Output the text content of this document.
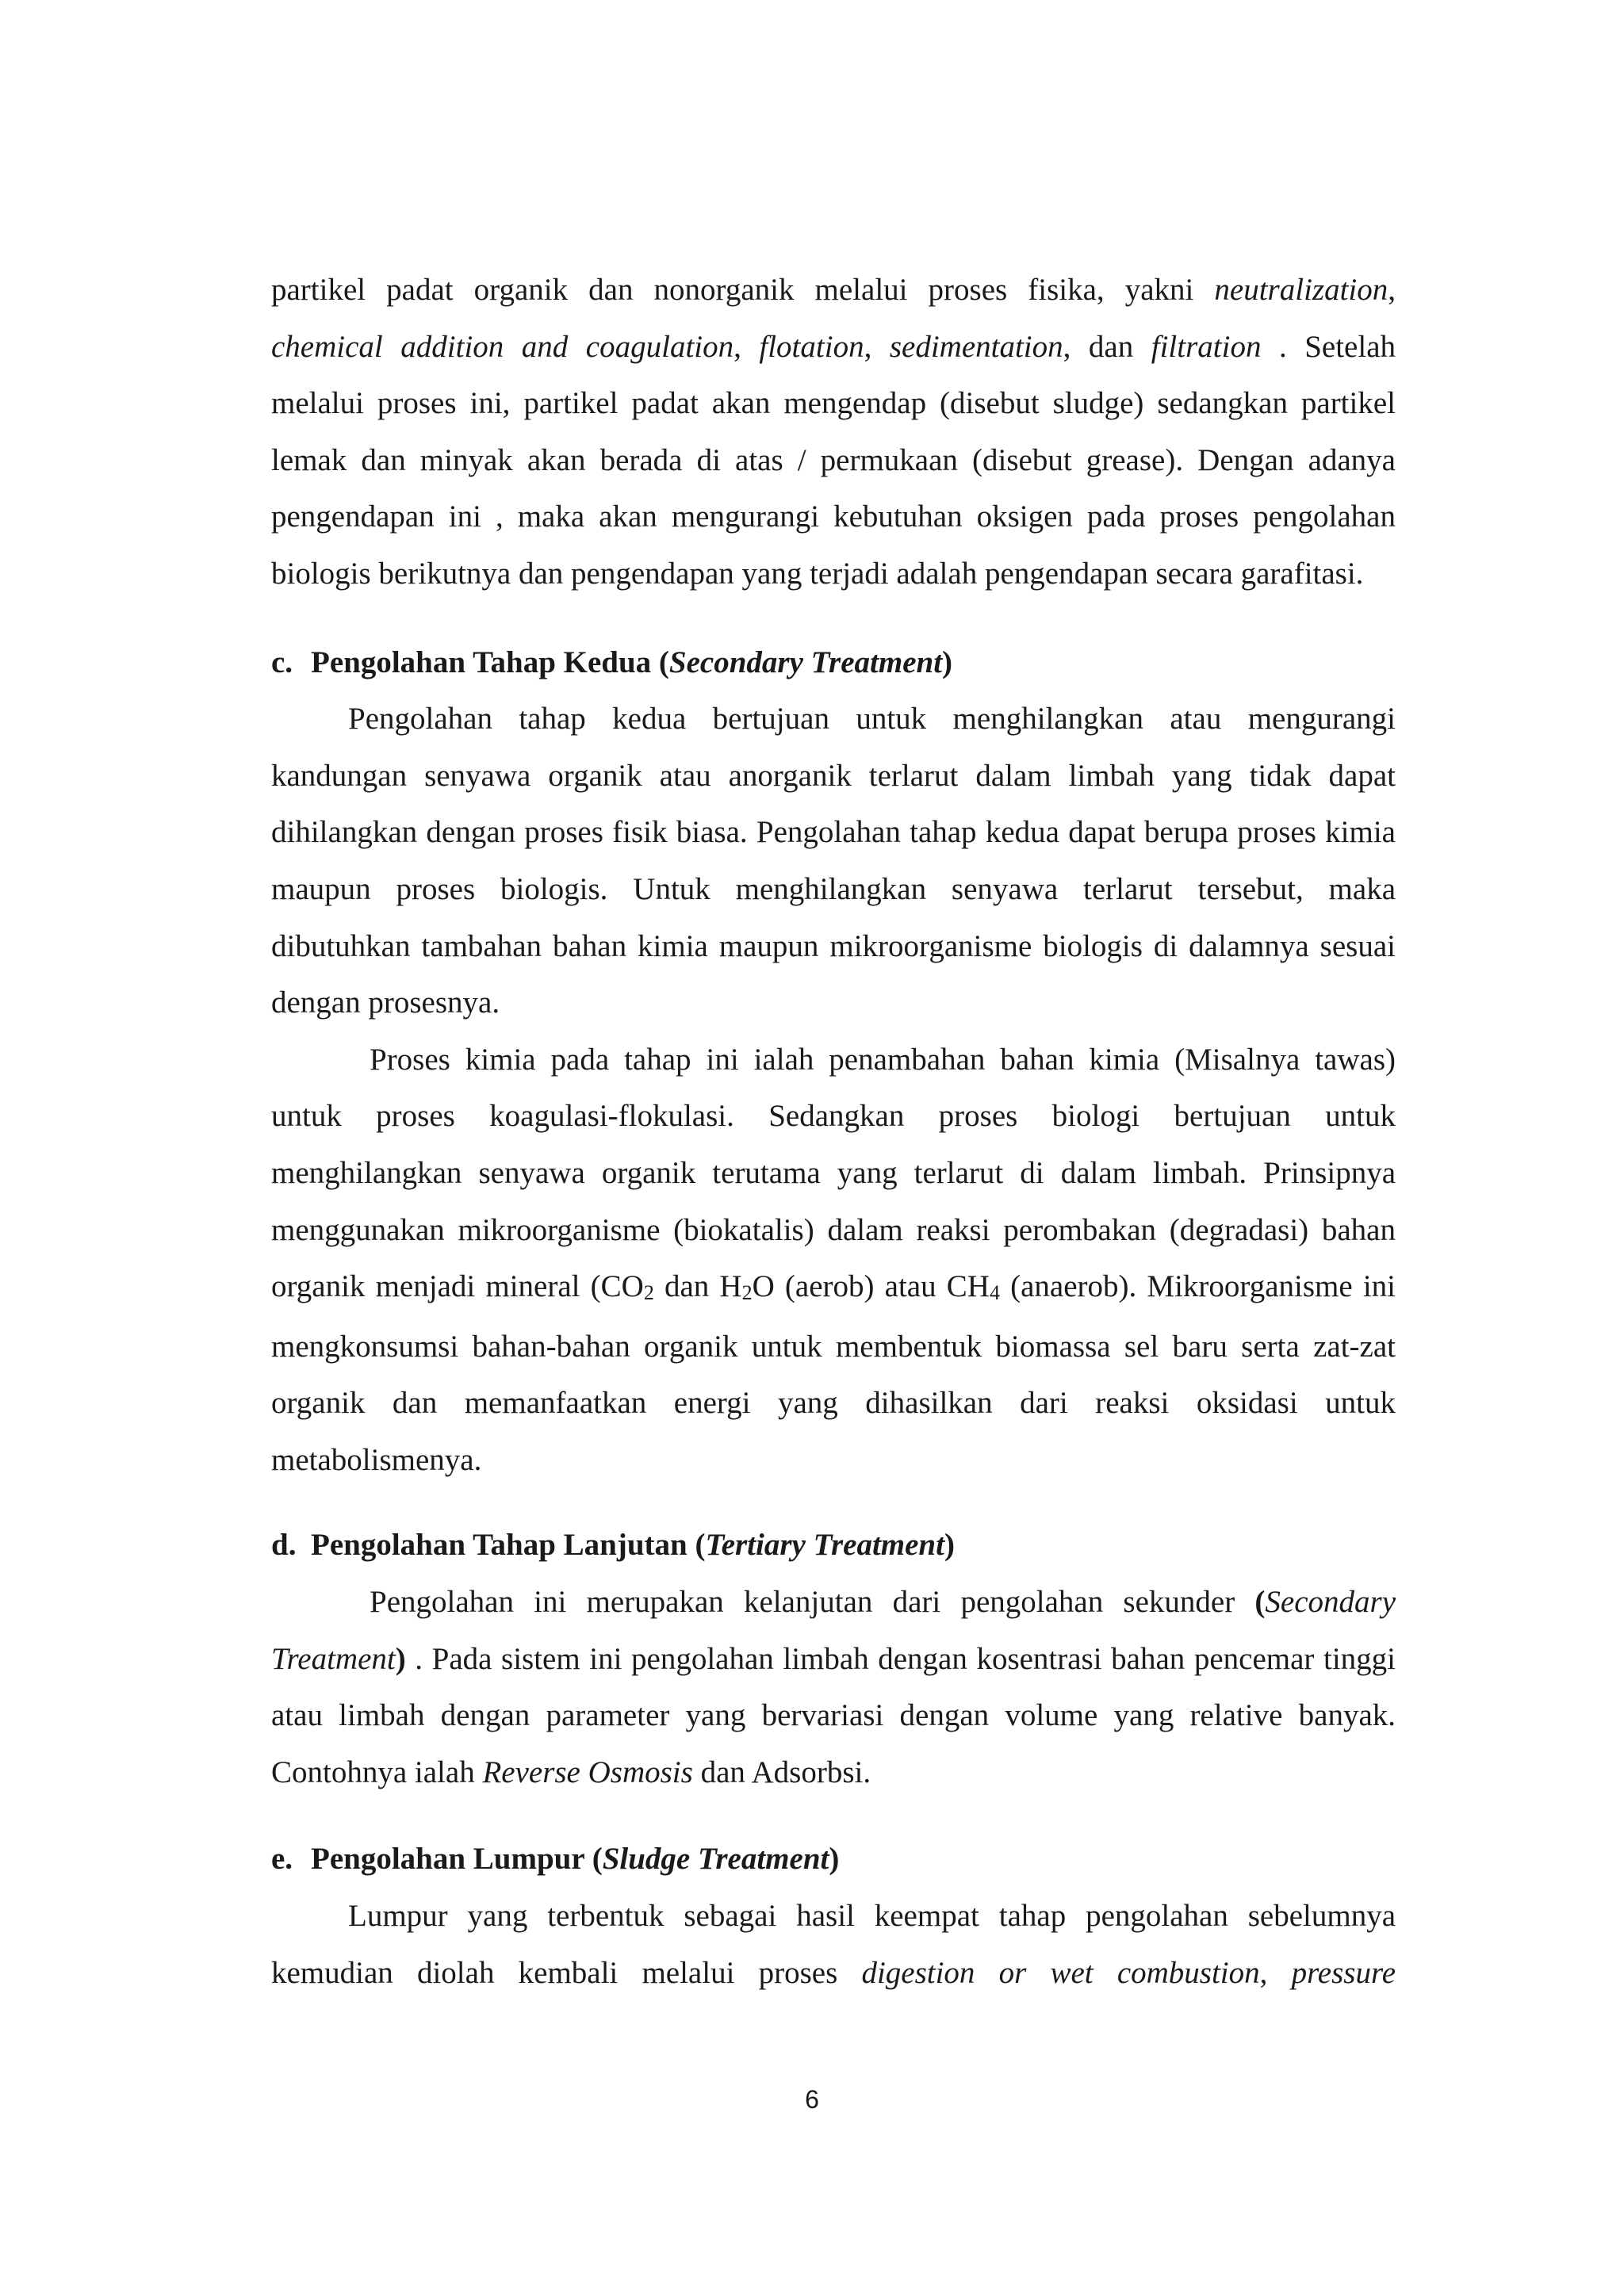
partikel padat organik dan nonorganik melalui proses fisika, yakni neutralization, chemical addition and coagulation, flotation, sedimentation, dan filtration . Setelah melalui proses ini, partikel padat akan mengendap (disebut sludge) sedangkan partikel lemak dan minyak akan berada di atas / permukaan (disebut grease). Dengan adanya pengendapan ini , maka akan mengurangi kebutuhan oksigen pada proses pengolahan biologis berikutnya dan pengendapan yang terjadi adalah pengendapan secara garafitasi.

c. Pengolahan Tahap Kedua (Secondary Treatment)

Pengolahan tahap kedua bertujuan untuk menghilangkan atau mengurangi kandungan senyawa organik atau anorganik terlarut dalam limbah yang tidak dapat dihilangkan dengan proses fisik biasa. Pengolahan tahap kedua dapat berupa proses kimia maupun proses biologis. Untuk menghilangkan senyawa terlarut tersebut, maka dibutuhkan tambahan bahan kimia maupun mikroorganisme biologis di dalamnya sesuai dengan prosesnya.

Proses kimia pada tahap ini ialah penambahan bahan kimia (Misalnya tawas) untuk proses koagulasi-flokulasi. Sedangkan proses biologi bertujuan untuk menghilangkan senyawa organik terutama yang terlarut di dalam limbah. Prinsipnya menggunakan mikroorganisme (biokatalis) dalam reaksi perombakan (degradasi) bahan organik menjadi mineral ($CO_2$ dan $H_2O$ (aerob) atau $CH_4$ (anaerob). Mikroorganisme ini mengkonsumsi bahan-bahan organik untuk membentuk biomassa sel baru serta zat-zat organik dan memanfaatkan energi yang dihasilkan dari reaksi oksidasi untuk metabolismenya.

d. Pengolahan Tahap Lanjutan (Tertiary Treatment)

Pengolahan ini merupakan kelanjutan dari pengolahan sekunder (Secondary Treatment) . Pada sistem ini pengolahan limbah dengan kosentrasi bahan pencemar tinggi atau limbah dengan parameter yang bervariasi dengan volume yang relative banyak. Contohnya ialah Reverse Osmosis dan Adsorbsi.

e. Pengolahan Lumpur (Sludge Treatment)

Lumpur yang terbentuk sebagai hasil keempat tahap pengolahan sebelumnya kemudian diolah kembali melalui proses digestion or wet combustion, pressure

6
